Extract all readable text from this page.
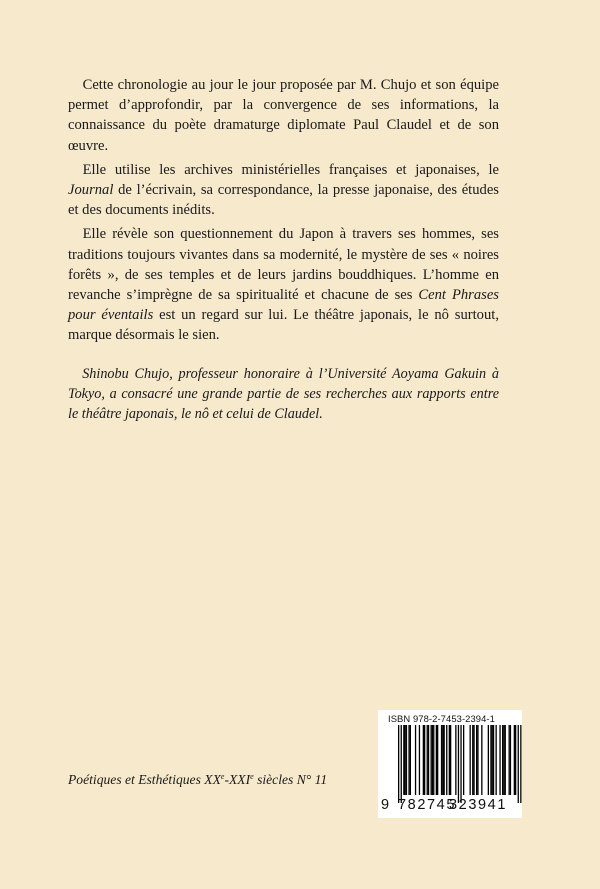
 Cette chronologie au jour le jour proposée par M. Chujo et son équipe permet d’approfondir, par la convergence de ses informations, la connaissance du poète dramaturge diplomate Paul Claudel et de son œuvre.

 Elle utilise les archives ministérielles françaises et japonaises, le Journal de l’écrivain, sa correspondance, la presse japonaise, des études et des documents inédits.

 Elle révèle son questionnement du Japon à travers ses hommes, ses traditions toujours vivantes dans sa modernité, le mystère de ses « noires forêts », de ses temples et de leurs jardins bouddhiques. L’homme en revanche s’imprègne de sa spiritualité et chacune de ses Cent Phrases pour éventails est un regard sur lui. Le théâtre japonais, le nô surtout, marque désormais le sien.

 Shinobu Chujo, professeur honoraire à l’Université Aoyama Gakuin à Tokyo, a consacré une grande partie de ses recherches aux rapports entre le théâtre japonais, le nô et celui de Claudel.

Poétiques et Esthétiques XXe-XXIe siècles N° 11
ISBN 978-2-7453-2394-1
9 782745
323941
